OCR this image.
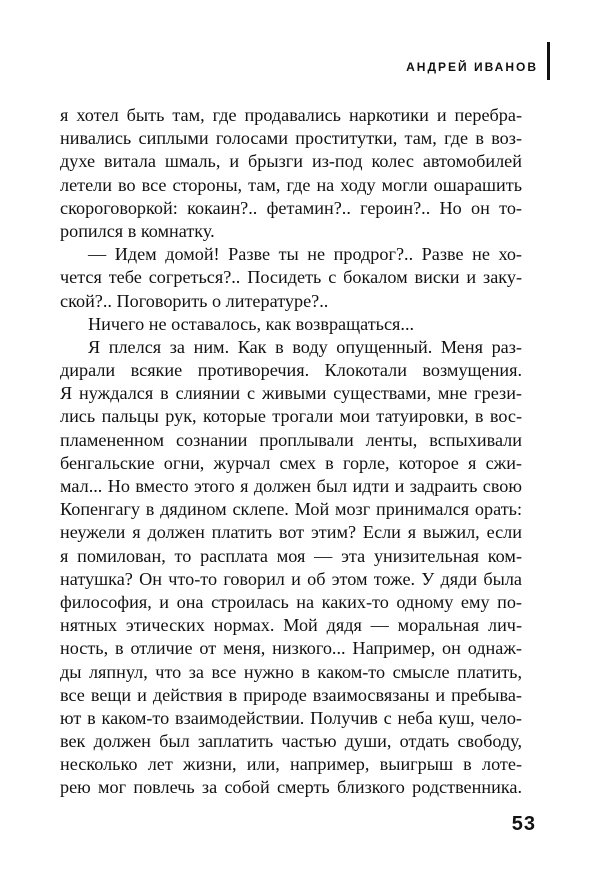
АНДРЕЙ ИВАНОВ
я хотел быть там, где продавались наркотики и перебра-
нивались сиплыми голосами проститутки, там, где в воз-
духе витала шмаль, и брызги из-под колес автомобилей
летели во все стороны, там, где на ходу могли ошарашить
скороговоркой: кокаин?.. фетамин?.. героин?.. Но он то-
ропился в комнатку.
— Идем домой! Разве ты не продрог?.. Разве не хо-
чется тебе согреться?.. Посидеть с бокалом виски и заку-
ской?.. Поговорить о литературе?..
Ничего не оставалось, как возвращаться...
Я плелся за ним. Как в воду опущенный. Меня раз-
дирали всякие противоречия. Клокотали возмущения.
Я нуждался в слиянии с живыми существами, мне грези-
лись пальцы рук, которые трогали мои татуировки, в вос-
пламененном сознании проплывали ленты, вспыхивали
бенгальские огни, журчал смех в горле, которое я сжи-
мал... Но вместо этого я должен был идти и задраить свою
Копенгагу в дядином склепе. Мой мозг принимался орать:
неужели я должен платить вот этим? Если я выжил, если
я помилован, то расплата моя — эта унизительная ком-
натушка? Он что-то говорил и об этом тоже. У дяди была
философия, и она строилась на каких-то одному ему по-
нятных этических нормах. Мой дядя — моральная лич-
ность, в отличие от меня, низкого... Например, он однаж-
ды ляпнул, что за все нужно в каком-то смысле платить,
все вещи и действия в природе взаимосвязаны и пребыва-
ют в каком-то взаимодействии. Получив с неба куш, чело-
век должен был заплатить частью души, отдать свободу,
несколько лет жизни, или, например, выигрыш в лоте-
рею мог повлечь за собой смерть близкого родственника.
53
